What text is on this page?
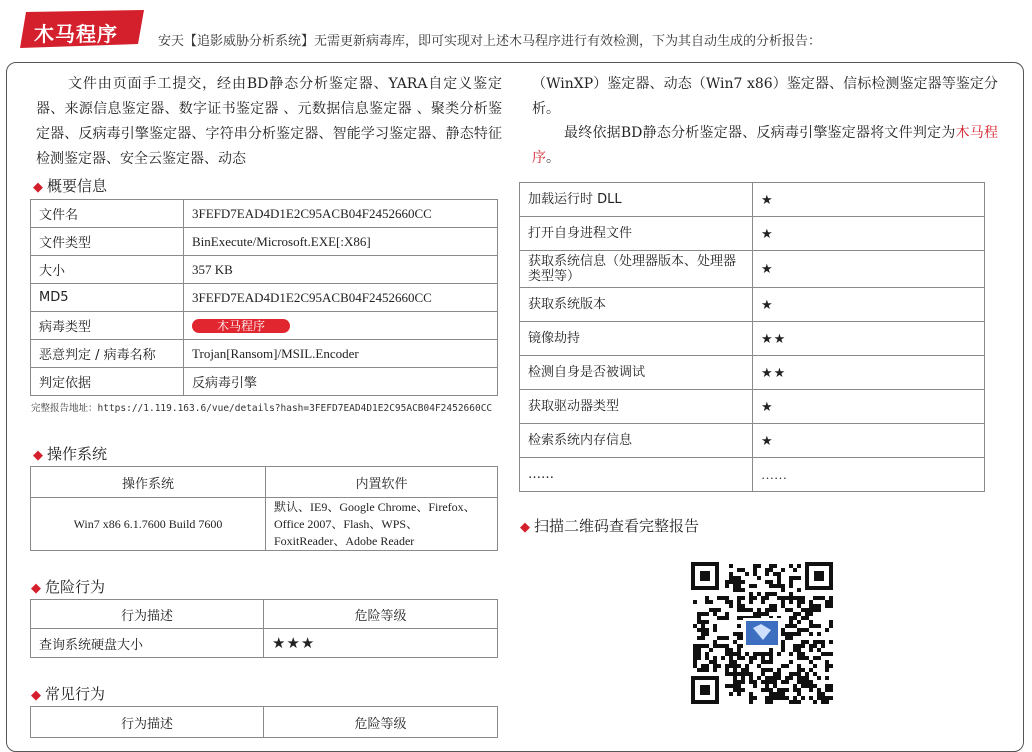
木马程序	安天【追影威胁分析系统】无需更新病毒库，即可实现对上述木马程序进行有效检测，下为其自动生成的分析报告：
文件由页面手工提交，经由BD静态分析鉴定器、YARA自定义鉴定器、来源信息鉴定器、数字证书鉴定器 、元数据信息鉴定器 、聚类分析鉴定器、反病毒引擎鉴定器、字符串分析鉴定器、智能学习鉴定器、静态特征检测鉴定器、安全云鉴定器、动态
（WinXP）鉴定器、动态（Win7 x86）鉴定器、信标检测鉴定器等鉴定分析。
最终依据BD静态分析鉴定器、反病毒引擎鉴定器将文件判定为木马程序。
◆ 概要信息
文件名	3FEFD7EAD4D1E2C95ACB04F2452660CC
文件类型	BinExecute/Microsoft.EXE[:X86]
大小	357 KB
MD5	3FEFD7EAD4D1E2C95ACB04F2452660CC
病毒类型	木马程序
恶意判定 / 病毒名称	Trojan[Ransom]/MSIL.Encoder
判定依据	反病毒引擎
完整报告地址：https://1.119.163.6/vue/details?hash=3FEFD7EAD4D1E2C95ACB04F2452660CC
◆ 操作系统
操作系统	内置软件
Win7 x86 6.1.7600 Build 7600	默认、IE9、Google Chrome、Firefox、Office 2007、Flash、WPS、FoxitReader、Adobe Reader
◆ 危险行为
行为描述	危险等级
查询系统硬盘大小	★★★
◆ 常见行为
行为描述	危险等级
加载运行时 DLL	★
打开自身进程文件	★
获取系统信息（处理器版本、处理器类型等）	★
获取系统版本	★
镜像劫持	★★
检测自身是否被调试	★★
获取驱动器类型	★
检索系统内存信息	★
……	……
◆ 扫描二维码查看完整报告
